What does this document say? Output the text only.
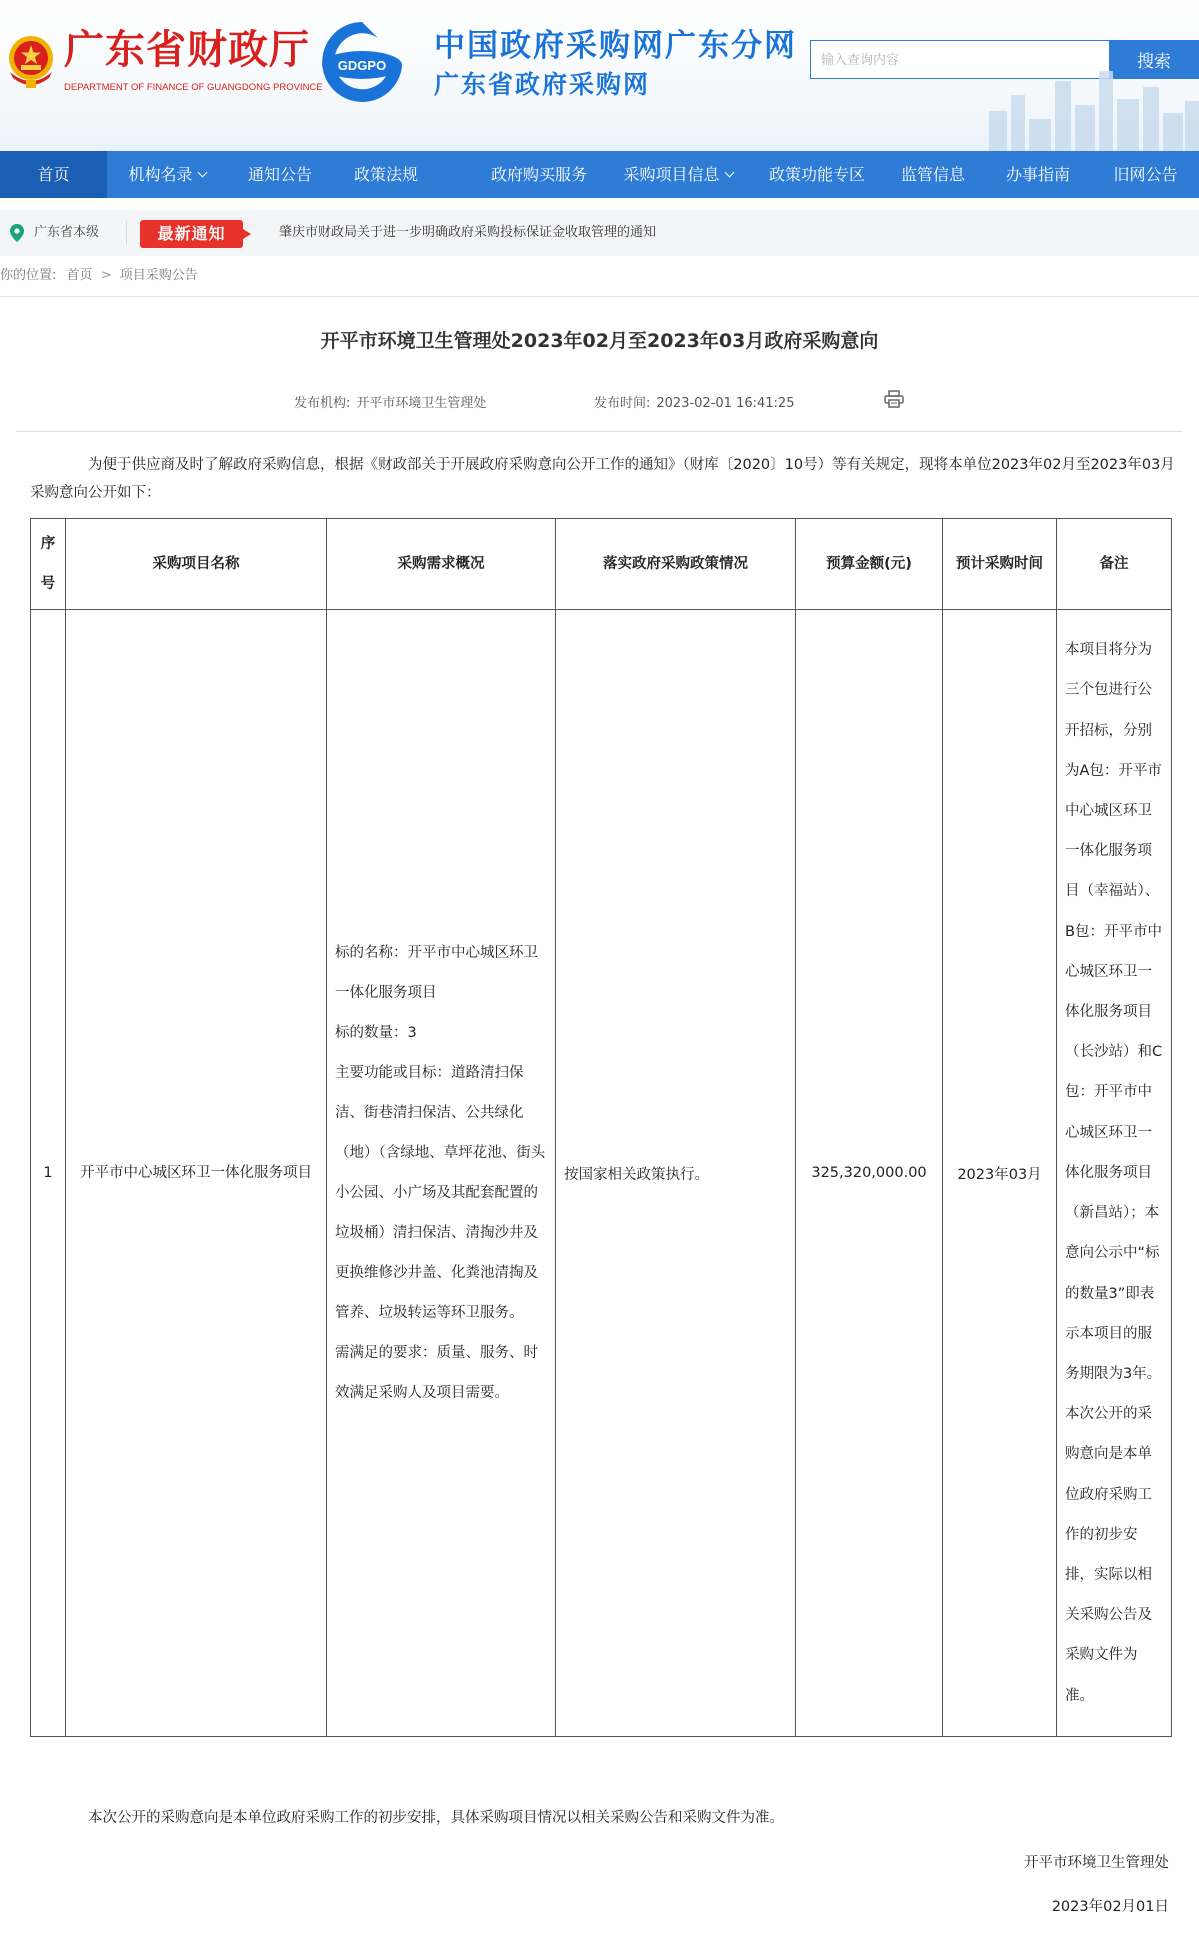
广东省财政厅
DEPARTMENT OF FINANCE OF GUANGDONG PROVINCE
GDGPO
中国政府采购网广东分网
广东省政府采购网
输入查询内容
搜索
首页	机构名录	通知公告	政策法规	政府购买服务	采购项目信息	政策功能专区	监管信息	办事指南	旧网公告
广东省本级	最新通知	肇庆市财政局关于进一步明确政府采购投标保证金收取管理的通知
你的位置: 首页 > 项目采购公告
开平市环境卫生管理处2023年02月至2023年03月政府采购意向
发布机构: 开平市环境卫生管理处	发布时间: 2023-02-01 16:41:25
为便于供应商及时了解政府采购信息，根据《财政部关于开展政府采购意向公开工作的通知》（财库〔2020〕10号）等有关规定，现将本单位2023年02月至2023年03月采购意向公开如下：
序号	采购项目名称	采购需求概况	落实政府采购政策情况	预算金额(元)	预计采购时间	备注
1	开平市中心城区环卫一体化服务项目	标的名称：开平市中心城区环卫一体化服务项目
标的数量：3
主要功能或目标：道路清扫保洁、街巷清扫保洁、公共绿化（地）（含绿地、草坪花池、街头小公园、小广场及其配套配置的垃圾桶）清扫保洁、清掏沙井及更换维修沙井盖、化粪池清掏及管养、垃圾转运等环卫服务。
需满足的要求：质量、服务、时效满足采购人及项目需要。	按国家相关政策执行。	325,320,000.00	2023年03月	本项目将分为三个包进行公开招标，分别为A包：开平市中心城区环卫一体化服务项目（幸福站）、B包：开平市中心城区环卫一体化服务项目（长沙站）和C包：开平市中心城区环卫一体化服务项目（新昌站）；本意向公示中“标的数量3”即表示本项目的服务期限为3年。 本次公开的采购意向是本单位政府采购工作的初步安排，实际以相关采购公告及采购文件为准。
本次公开的采购意向是本单位政府采购工作的初步安排，具体采购项目情况以相关采购公告和采购文件为准。
开平市环境卫生管理处
2023年02月01日
